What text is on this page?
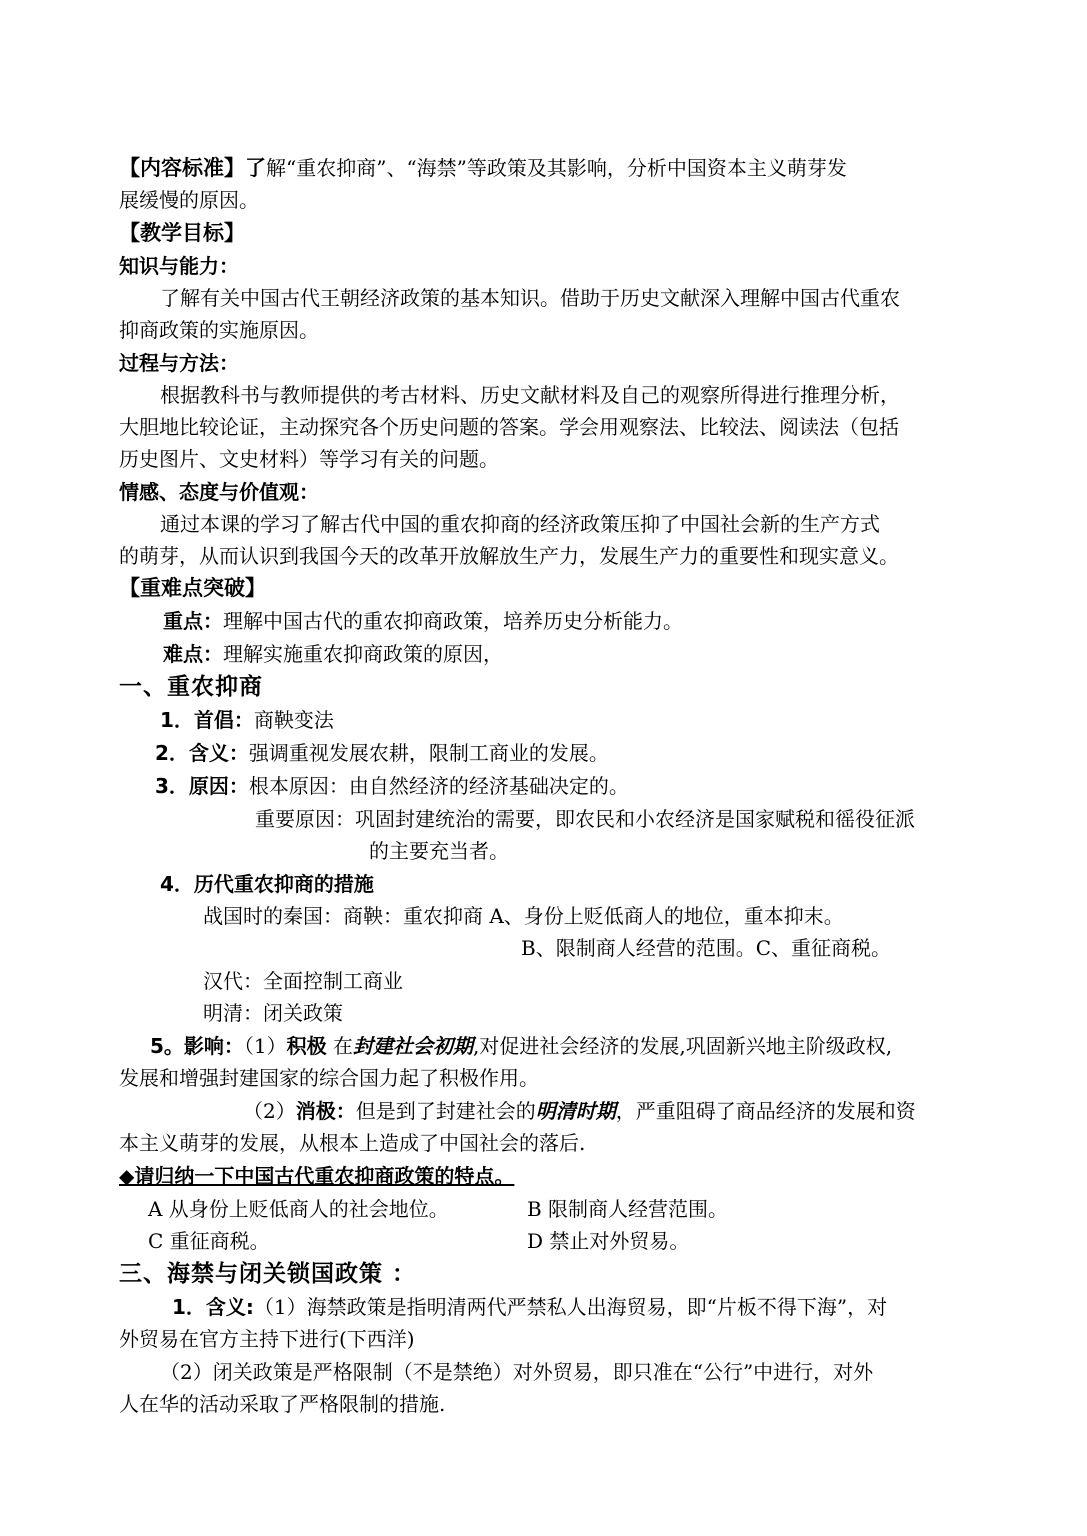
【内容标准】了解“重农抑商”、“海禁”等政策及其影响，分析中国资本主义萌芽发
展缓慢的原因。
【教学目标】
知识与能力：
了解有关中国古代王朝经济政策的基本知识。借助于历史文献深入理解中国古代重农
抑商政策的实施原因。
过程与方法：
根据教科书与教师提供的考古材料、历史文献材料及自己的观察所得进行推理分析，
大胆地比较论证，主动探究各个历史问题的答案。学会用观察法、比较法、阅读法（包括
历史图片、文史材料）等学习有关的问题。
情感、态度与价值观：
通过本课的学习了解古代中国的重农抑商的经济政策压抑了中国社会新的生产方式
的萌芽，从而认识到我国今天的改革开放解放生产力，发展生产力的重要性和现实意义。
【重难点突破】
重点：理解中国古代的重农抑商政策，培养历史分析能力。
难点：理解实施重农抑商政策的原因，
一、重农抑商
1．首倡：商鞅变法
2．含义：强调重视发展农耕，限制工商业的发展。
3．原因：根本原因：由自然经济的经济基础决定的。
重要原因：巩固封建统治的需要，即农民和小农经济是国家赋税和徭役征派
的主要充当者。
4．历代重农抑商的措施
战国时的秦国：商鞅：重农抑商 A、身份上贬低商人的地位，重本抑末。
B、限制商人经营的范围。C、重征商税。
汉代：全面控制工商业
明清：闭关政策
5。影响：（1）积极 在封建社会初期,对促进社会经济的发展,巩固新兴地主阶级政权,
发展和增强封建国家的综合国力起了积极作用。
（2）消极：但是到了封建社会的明清时期，严重阻碍了商品经济的发展和资
本主义萌芽的发展，从根本上造成了中国社会的落后.
◆请归纳一下中国古代重农抑商政策的特点。
A 从身份上贬低商人的社会地位。	B 限制商人经营范围。
C 重征商税。	D 禁止对外贸易。
三、海禁与闭关锁国政策 ：
1．含义:（1）海禁政策是指明清两代严禁私人出海贸易，即“片板不得下海”，对
外贸易在官方主持下进行(下西洋)
（2）闭关政策是严格限制（不是禁绝）对外贸易，即只准在“公行”中进行，对外
人在华的活动采取了严格限制的措施.
